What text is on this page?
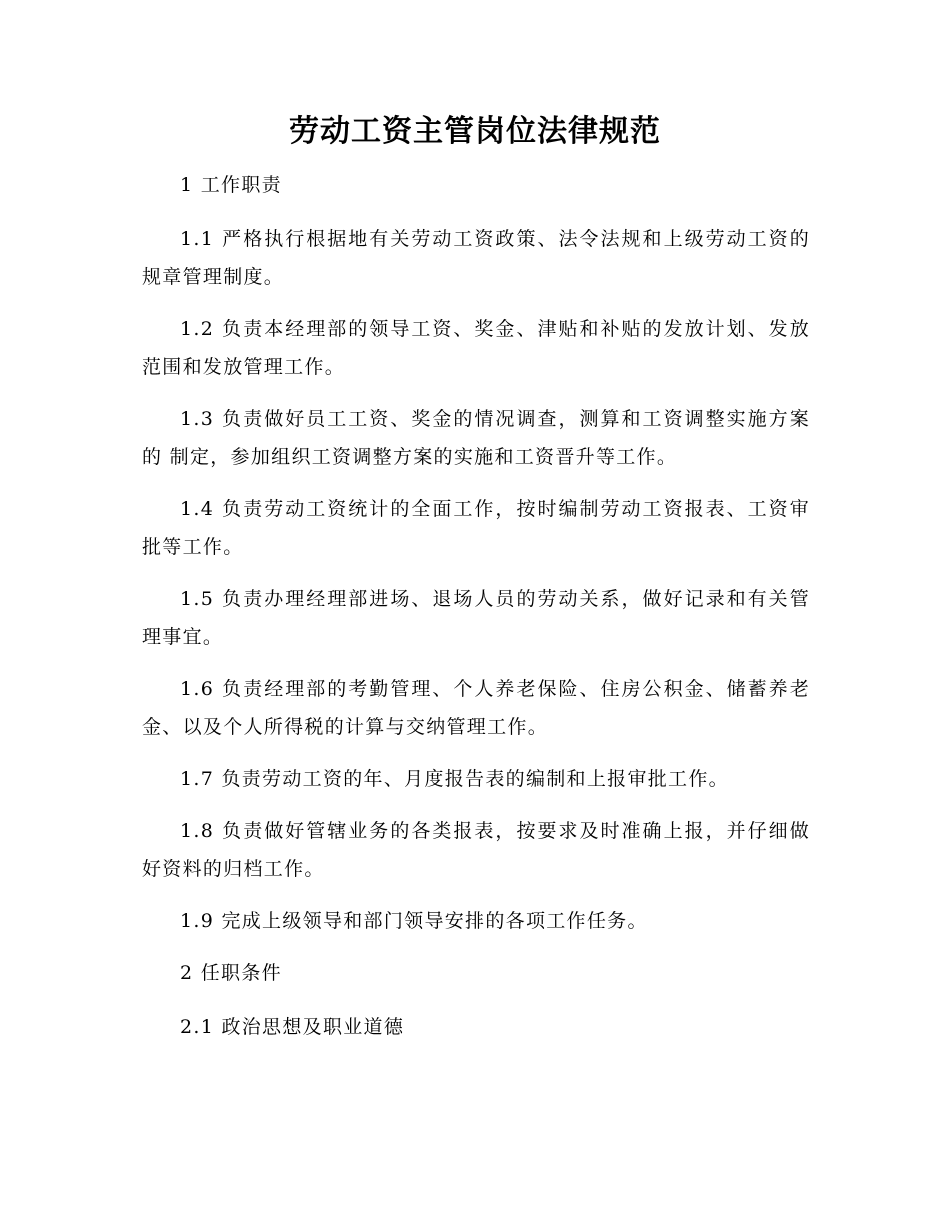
劳动工资主管岗位法律规范

1 工作职责

1.1 严格执行根据地有关劳动工资政策、法令法规和上级劳动工资的规章管理制度。

1.2 负责本经理部的领导工资、奖金、津贴和补贴的发放计划、发放范围和发放管理工作。

1.3 负责做好员工工资、奖金的情况调查，测算和工资调整实施方案的 制定，参加组织工资调整方案的实施和工资晋升等工作。

1.4 负责劳动工资统计的全面工作，按时编制劳动工资报表、工资审批等工作。

1.5 负责办理经理部进场、退场人员的劳动关系，做好记录和有关管理事宜。

1.6 负责经理部的考勤管理、个人养老保险、住房公积金、储蓄养老金、以及个人所得税的计算与交纳管理工作。

1.7 负责劳动工资的年、月度报告表的编制和上报审批工作。

1.8 负责做好管辖业务的各类报表，按要求及时准确上报，并仔细做好资料的归档工作。

1.9 完成上级领导和部门领导安排的各项工作任务。

2 任职条件

2.1 政治思想及职业道德
